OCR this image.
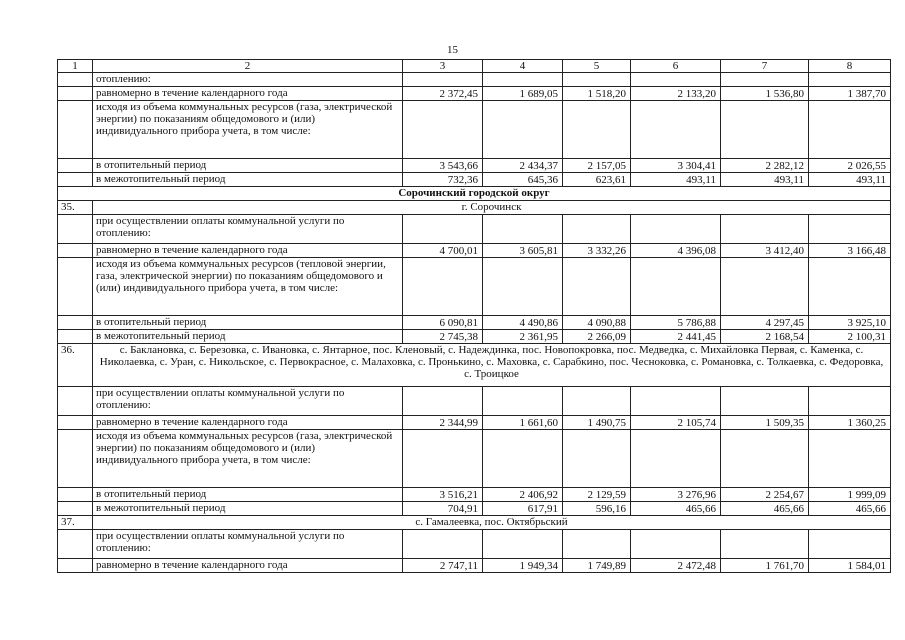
15
1	2	3	4	5	6	7	8
	отоплению:						
	равномерно в течение календарного года	2 372,45	1 689,05	1 518,20	2 133,20	1 536,80	1 387,70
	исходя из объема коммунальных ресурсов (газа, электрической энергии) по показаниям общедомового и (или) индивидуального прибора учета, в том числе:						
	в отопительный период	3 543,66	2 434,37	2 157,05	3 304,41	2 282,12	2 026,55
	в межотопительный период	732,36	645,36	623,61	493,11	493,11	493,11
Сорочинский городской округ							
35.	г. Сорочинск						
	при осуществлении оплаты коммунальной услуги по отоплению:						
	равномерно в течение календарного года	4 700,01	3 605,81	3 332,26	4 396,08	3 412,40	3 166,48
	исходя из объема коммунальных ресурсов (тепловой энергии, газа, электрической энергии) по показаниям общедомового и (или) индивидуального прибора учета, в том числе:						
	в отопительный период	6 090,81	4 490,86	4 090,88	5 786,88	4 297,45	3 925,10
	в межотопительный период	2 745,38	2 361,95	2 266,09	2 441,45	2 168,54	2 100,31
36.	с. Баклановка, с. Березовка, с. Ивановка, с. Янтарное, пос. Кленовый, с. Надеждинка, пос. Новопокровка, пос. Медведка, с. Михайловка Первая, с. Каменка, с. Николаевка, с. Уран, с. Никольское, с. Первокрасное, с. Малаховка, с. Пронькино, с. Маховка, с. Сарабкино, пос. Чесноковка, с. Романовка, с. Толкаевка, с. Федоровка, с. Троицкое						
	при осуществлении оплаты коммунальной услуги по отоплению:						
	равномерно в течение календарного года	2 344,99	1 661,60	1 490,75	2 105,74	1 509,35	1 360,25
	исходя из объема коммунальных ресурсов (газа, электрической энергии) по показаниям общедомового и (или) индивидуального прибора учета, в том числе:						
	в отопительный период	3 516,21	2 406,92	2 129,59	3 276,96	2 254,67	1 999,09
	в межотопительный период	704,91	617,91	596,16	465,66	465,66	465,66
37.	с. Гамалеевка, пос. Октябрьский						
	при осуществлении оплаты коммунальной услуги по отоплению:						
	равномерно в течение календарного года	2 747,11	1 949,34	1 749,89	2 472,48	1 761,70	1 584,01
